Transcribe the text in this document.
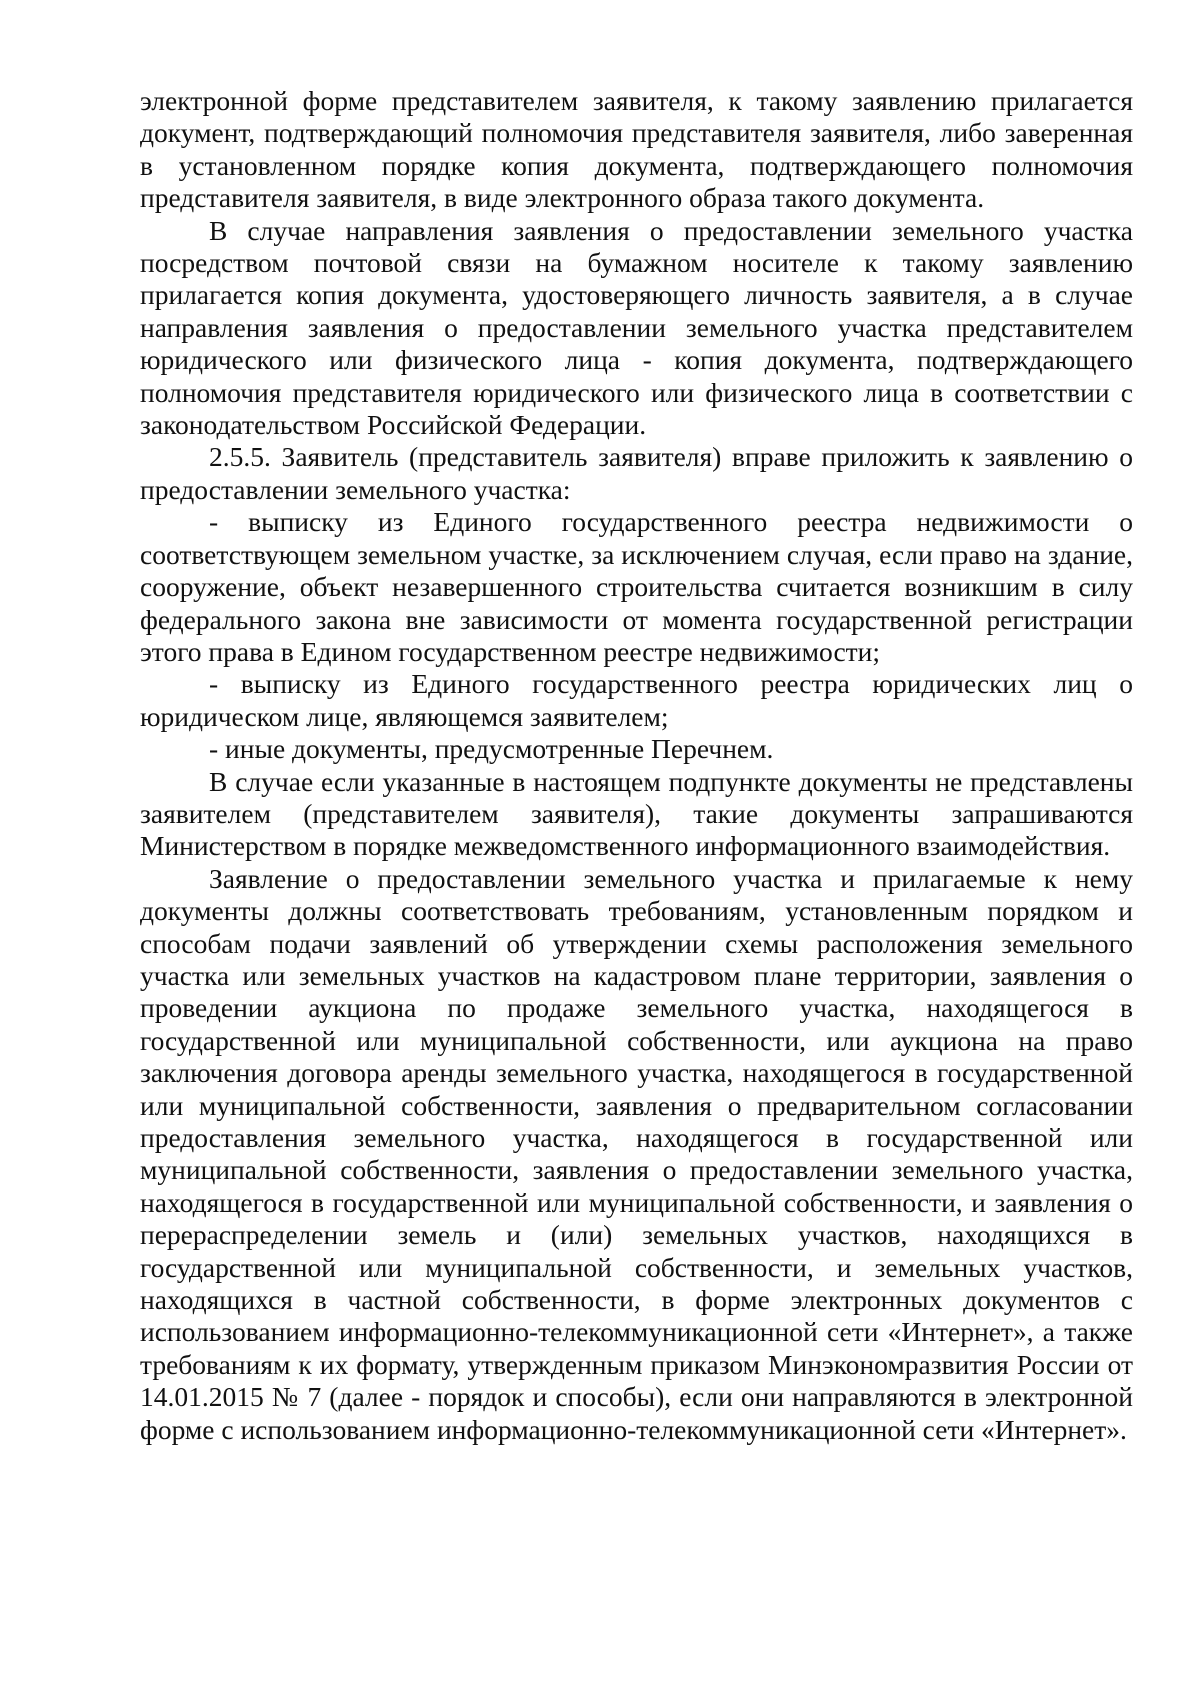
электронной форме представителем заявителя, к такому заявлению прилагается документ, подтверждающий полномочия представителя заявителя, либо заверенная в установленном порядке копия документа, подтверждающего полномочия представителя заявителя, в виде электронного образа такого документа.

В случае направления заявления о предоставлении земельного участка посредством почтовой связи на бумажном носителе к такому заявлению прилагается копия документа, удостоверяющего личность заявителя, а в случае направления заявления о предоставлении земельного участка представителем юридического или физического лица - копия документа, подтверждающего полномочия представителя юридического или физического лица в соответствии с законодательством Российской Федерации.

2.5.5. Заявитель (представитель заявителя) вправе приложить к заявлению о предоставлении земельного участка:

- выписку из Единого государственного реестра недвижимости о соответствующем земельном участке, за исключением случая, если право на здание, сооружение, объект незавершенного строительства считается возникшим в силу федерального закона вне зависимости от момента государственной регистрации этого права в Едином государственном реестре недвижимости;

- выписку из Единого государственного реестра юридических лиц о юридическом лице, являющемся заявителем;

- иные документы, предусмотренные Перечнем.

В случае если указанные в настоящем подпункте документы не представлены заявителем (представителем заявителя), такие документы запрашиваются Министерством в порядке межведомственного информационного взаимодействия.

Заявление о предоставлении земельного участка и прилагаемые к нему документы должны соответствовать требованиям, установленным порядком и способам подачи заявлений об утверждении схемы расположения земельного участка или земельных участков на кадастровом плане территории, заявления о проведении аукциона по продаже земельного участка, находящегося в государственной или муниципальной собственности, или аукциона на право заключения договора аренды земельного участка, находящегося в государственной или муниципальной собственности, заявления о предварительном согласовании предоставления земельного участка, находящегося в государственной или муниципальной собственности, заявления о предоставлении земельного участка, находящегося в государственной или муниципальной собственности, и заявления о перераспределении земель и (или) земельных участков, находящихся в государственной или муниципальной собственности, и земельных участков, находящихся в частной собственности, в форме электронных документов с использованием информационно-телекоммуникационной сети «Интернет», а также требованиям к их формату, утвержденным приказом Минэкономразвития России от 14.01.2015 № 7 (далее - порядок и способы), если они направляются в электронной форме с использованием информационно-телекоммуникационной сети «Интернет».
